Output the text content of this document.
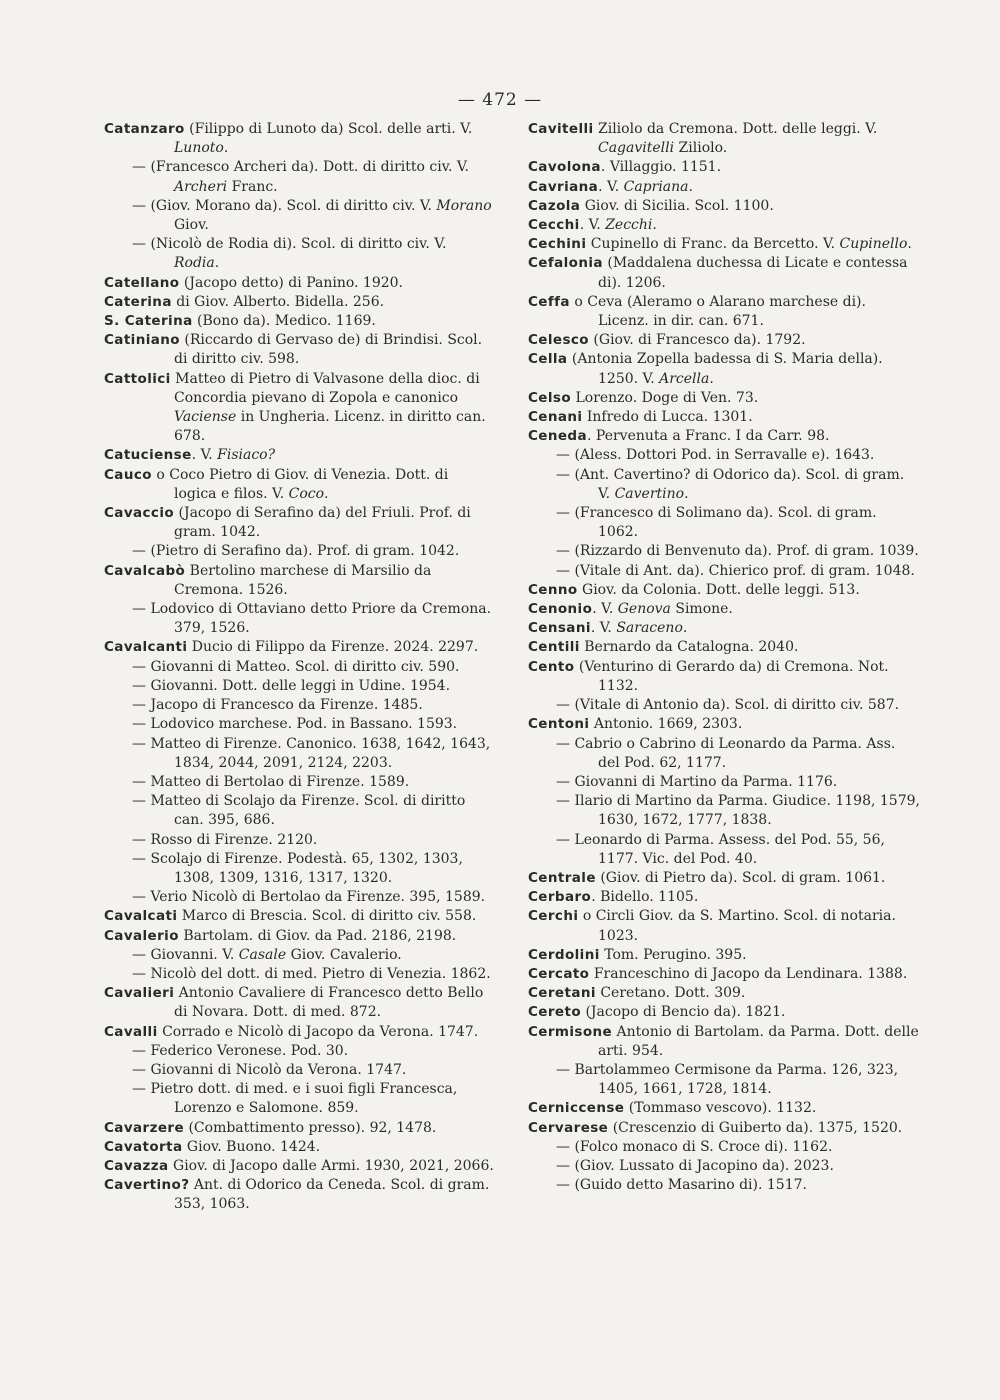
— 472 —
Catanzaro (Filippo di Lunoto da) Scol. delle arti. V. Lunoto.
— (Francesco Archeri da). Dott. di diritto civ. V. Archeri Franc.
— (Giov. Morano da). Scol. di diritto civ. V. Morano Giov.
— (Nicolò de Rodia di). Scol. di diritto civ. V. Rodia.
Catellano (Jacopo detto) di Panino. 1920.
Caterina di Giov. Alberto. Bidella. 256.
S. Caterina (Bono da). Medico. 1169.
Catiniano (Riccardo di Gervaso de) di Brindisi. Scol. di diritto civ. 598.
Cattolici Matteo di Pietro di Valvasone della dioc. di Concordia pievano di Zopola e canonico Vaciense in Ungheria. Licenz. in diritto can. 678.
Catuciense. V. Fisiaco?
Cauco o Coco Pietro di Giov. di Venezia. Dott. di logica e filos. V. Coco.
Cavaccio (Jacopo di Serafino da) del Friuli. Prof. di gram. 1042.
— (Pietro di Serafino da). Prof. di gram. 1042.
Cavalcabò Bertolino marchese di Marsilio da Cremona. 1526.
— Lodovico di Ottaviano detto Priore da Cremona. 379, 1526.
Cavalcanti Ducio di Filippo da Firenze. 2024. 2297.
— Giovanni di Matteo. Scol. di diritto civ. 590.
— Giovanni. Dott. delle leggi in Udine. 1954.
— Jacopo di Francesco da Firenze. 1485.
— Lodovico marchese. Pod. in Bassano. 1593.
— Matteo di Firenze. Canonico. 1638, 1642, 1643, 1834, 2044, 2091, 2124, 2203.
— Matteo di Bertolao di Firenze. 1589.
— Matteo di Scolajo da Firenze. Scol. di diritto can. 395, 686.
— Rosso di Firenze. 2120.
— Scolajo di Firenze. Podestà. 65, 1302, 1303, 1308, 1309, 1316, 1317, 1320.
— Verio Nicolò di Bertolao da Firenze. 395, 1589.
Cavalcati Marco di Brescia. Scol. di diritto civ. 558.
Cavalerio Bartolam. di Giov. da Pad. 2186, 2198.
— Giovanni. V. Casale Giov. Cavalerio.
— Nicolò del dott. di med. Pietro di Venezia. 1862.
Cavalieri Antonio Cavaliere di Francesco detto Bello di Novara. Dott. di med. 872.
Cavalli Corrado e Nicolò di Jacopo da Verona. 1747.
— Federico Veronese. Pod. 30.
— Giovanni di Nicolò da Verona. 1747.
— Pietro dott. di med. e i suoi figli Francesca, Lorenzo e Salomone. 859.
Cavarzere (Combattimento presso). 92, 1478.
Cavatorta Giov. Buono. 1424.
Cavazza Giov. di Jacopo dalle Armi. 1930, 2021, 2066.
Cavertino? Ant. di Odorico da Ceneda. Scol. di gram. 353, 1063.
Cavitelli Ziliolo da Cremona. Dott. delle leggi. V. Cagavitelli Ziliolo.
Cavolona. Villaggio. 1151.
Cavriana. V. Capriana.
Cazola Giov. di Sicilia. Scol. 1100.
Cecchi. V. Zecchi.
Cechini Cupinello di Franc. da Bercetto. V. Cupinello.
Cefalonia (Maddalena duchessa di Licate e contessa di). 1206.
Ceffa o Ceva (Aleramo o Alarano marchese di). Licenz. in dir. can. 671.
Celesco (Giov. di Francesco da). 1792.
Cella (Antonia Zopella badessa di S. Maria della). 1250. V. Arcella.
Celso Lorenzo. Doge di Ven. 73.
Cenani Infredo di Lucca. 1301.
Ceneda. Pervenuta a Franc. I da Carr. 98.
— (Aless. Dottori Pod. in Serravalle e). 1643.
— (Ant. Cavertino? di Odorico da). Scol. di gram. V. Cavertino.
— (Francesco di Solimano da). Scol. di gram. 1062.
— (Rizzardo di Benvenuto da). Prof. di gram. 1039.
— (Vitale di Ant. da). Chierico prof. di gram. 1048.
Cenno Giov. da Colonia. Dott. delle leggi. 513.
Cenonio. V. Genova Simone.
Censani. V. Saraceno.
Centili Bernardo da Catalogna. 2040.
Cento (Venturino di Gerardo da) di Cremona. Not. 1132.
— (Vitale di Antonio da). Scol. di diritto civ. 587.
Centoni Antonio. 1669, 2303.
— Cabrio o Cabrino di Leonardo da Parma. Ass. del Pod. 62, 1177.
— Giovanni di Martino da Parma. 1176.
— Ilario di Martino da Parma. Giudice. 1198, 1579, 1630, 1672, 1777, 1838.
— Leonardo di Parma. Assess. del Pod. 55, 56, 1177. Vic. del Pod. 40.
Centrale (Giov. di Pietro da). Scol. di gram. 1061.
Cerbaro. Bidello. 1105.
Cerchi o Circli Giov. da S. Martino. Scol. di notaria. 1023.
Cerdolini Tom. Perugino. 395.
Cercato Franceschino di Jacopo da Lendinara. 1388.
Ceretani Ceretano. Dott. 309.
Cereto (Jacopo di Bencio da). 1821.
Cermisone Antonio di Bartolam. da Parma. Dott. delle arti. 954.
— Bartolammeo Cermisone da Parma. 126, 323, 1405, 1661, 1728, 1814.
Cerniccense (Tommaso vescovo). 1132.
Cervarese (Crescenzio di Guiberto da). 1375, 1520.
— (Folco monaco di S. Croce di). 1162.
— (Giov. Lussato di Jacopino da). 2023.
— (Guido detto Masarino di). 1517.
